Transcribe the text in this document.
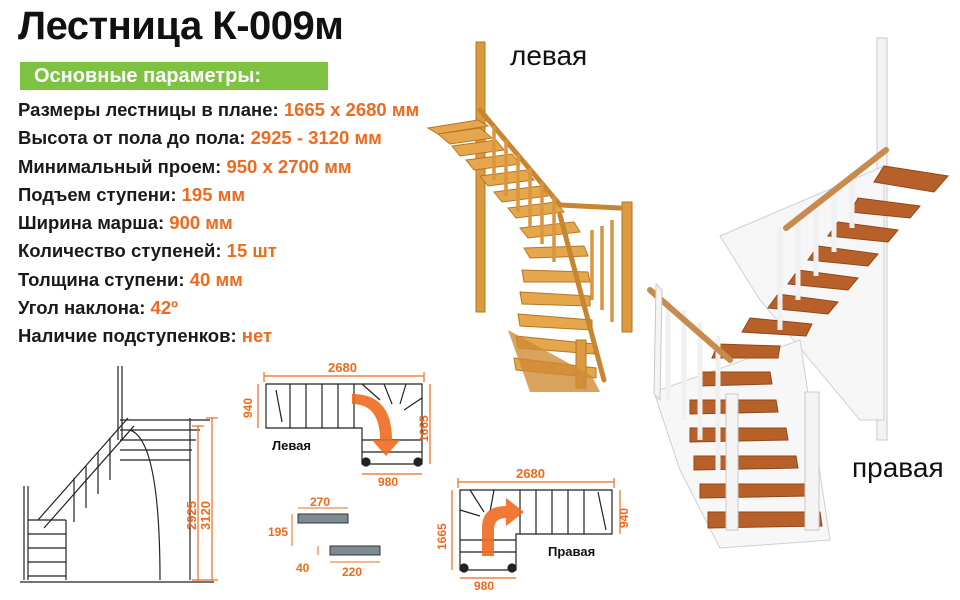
Лестница К-009м
Основные параметры:
Размеры лестницы в плане: 1665 х 2680 мм
Высота от пола до пола: 2925 - 3120 мм
Минимальный проем: 950 х 2700 мм
Подъем ступени: 195 мм
Ширина марша: 900 мм
Количество ступеней: 15 шт
Толщина ступени: 40 мм
Угол наклона: 42º
Наличие подступенков: нет
левая
правая
2925 3120
2680
940
1665
980
Левая
270
195
40	220
2680
1665
940
980
Правая
